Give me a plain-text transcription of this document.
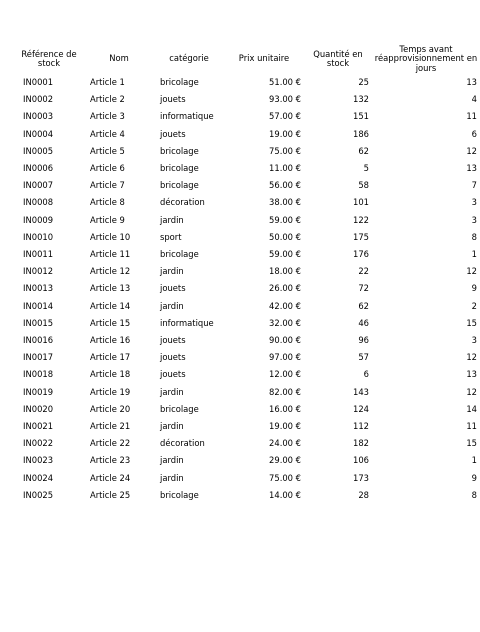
Référence de stock	Nom	catégorie	Prix unitaire	Quantité en stock	Temps avant réapprovisionnement en jours
IN0001	Article 1	bricolage	51.00 €	25	13
IN0002	Article 2	jouets	93.00 €	132	4
IN0003	Article 3	informatique	57.00 €	151	11
IN0004	Article 4	jouets	19.00 €	186	6
IN0005	Article 5	bricolage	75.00 €	62	12
IN0006	Article 6	bricolage	11.00 €	5	13
IN0007	Article 7	bricolage	56.00 €	58	7
IN0008	Article 8	décoration	38.00 €	101	3
IN0009	Article 9	jardin	59.00 €	122	3
IN0010	Article 10	sport	50.00 €	175	8
IN0011	Article 11	bricolage	59.00 €	176	1
IN0012	Article 12	jardin	18.00 €	22	12
IN0013	Article 13	jouets	26.00 €	72	9
IN0014	Article 14	jardin	42.00 €	62	2
IN0015	Article 15	informatique	32.00 €	46	15
IN0016	Article 16	jouets	90.00 €	96	3
IN0017	Article 17	jouets	97.00 €	57	12
IN0018	Article 18	jouets	12.00 €	6	13
IN0019	Article 19	jardin	82.00 €	143	12
IN0020	Article 20	bricolage	16.00 €	124	14
IN0021	Article 21	jardin	19.00 €	112	11
IN0022	Article 22	décoration	24.00 €	182	15
IN0023	Article 23	jardin	29.00 €	106	1
IN0024	Article 24	jardin	75.00 €	173	9
IN0025	Article 25	bricolage	14.00 €	28	8
